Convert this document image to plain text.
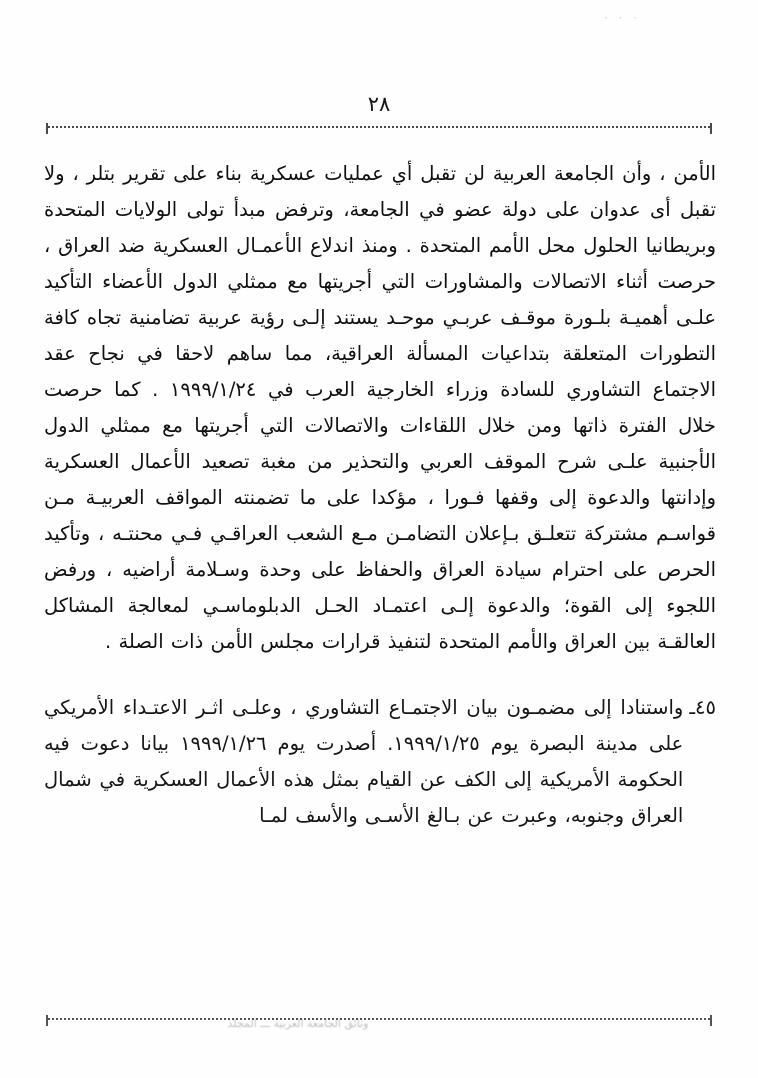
· · ·
٢٨

الأمن ، وأن الجامعة العربية لن تقبل أي عمليات عسكرية بناء على تقرير بتلر ، ولا تقبل أى عدوان على دولة عضو في الجامعة، وترفض مبدأ تولى الولايات المتحدة وبريطانيا الحلول محل الأمم المتحدة . ومنذ اندلاع الأعمـال العسكرية ضد العراق ، حرصت أثناء الاتصالات والمشاورات التي أجريتها مع ممثلي الدول الأعضاء التأكيد علـى أهميـة بلـورة موقـف عربـي موحـد يستند إلـى رؤية عربية تضامنية تجاه كافة التطورات المتعلقة بتداعيات المسألة العراقية، مما ساهم لاحقا في نجاح عقد الاجتماع التشاوري للسادة وزراء الخارجية العرب في ١٩٩٩/١/٢٤ . كما حرصت خلال الفترة ذاتها ومن خلال اللقاءات والاتصالات التي أجريتها مع ممثلي الدول الأجنبية علـى شرح الموقف العربي والتحذير من مغبة تصعيد الأعمال العسكرية وإدانتها والدعوة إلى وقفها فـورا ، مؤكدا على ما تضمنته المواقف العربيـة مـن قواسـم مشتركة تتعلـق بـإعلان التضامـن مـع الشعب العراقـي فـي محنتـه ، وتأكيد الحرص على احترام سيادة العراق والحفاظ على وحدة وسـلامة أراضيه ، ورفض اللجوء إلى القوة؛ والدعوة إلـى اعتمـاد الحـل الدبلوماسـي لمعالجة المشاكل العالقـة بين العراق والأمم المتحدة لتنفيذ قرارات مجلس الأمن ذات الصلة .

٤٥ـ
واستنادا إلى مضمـون بيان الاجتمـاع التشاوري ، وعلـى اثـر الاعتـداء الأمريكي على مدينة البصرة يوم ١٩٩٩/١/٢٥. أصدرت يوم ١٩٩٩/١/٢٦ بيانا دعوت فيه الحكومة الأمريكية إلى الكف عن القيام بمثل هذه الأعمال العسكرية في شمال العراق وجنوبه، وعبرت عن بـالغ الأسـى والأسف لمـا
وثائق الجامعة العربية ـــ المجلد
